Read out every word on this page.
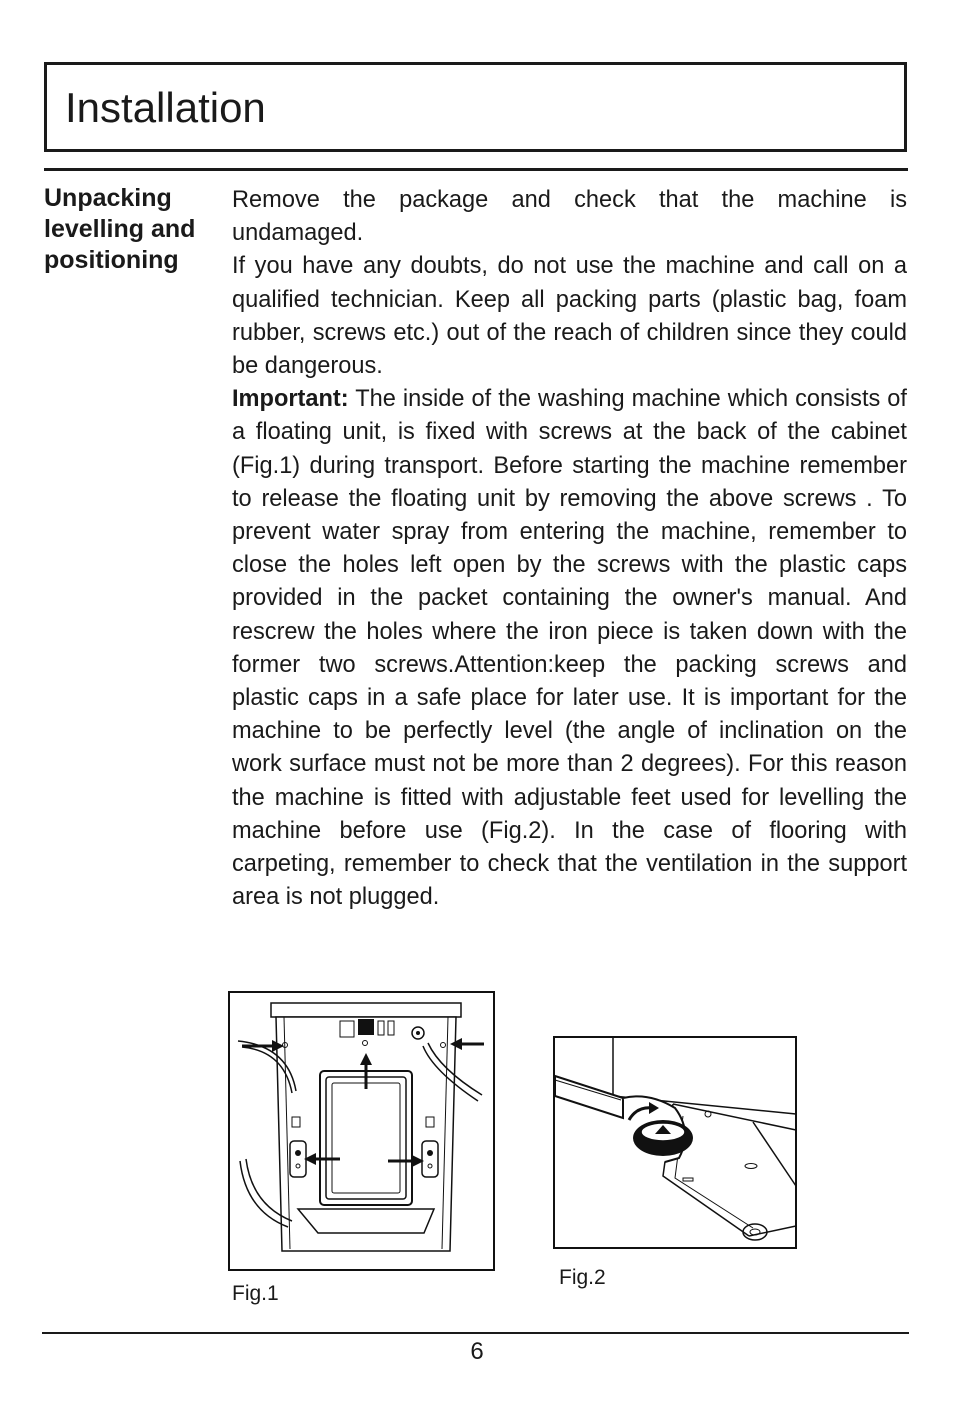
Installation
Unpacking
levelling and
positioning

Remove the package and check that the machine is undamaged.

If you have any doubts, do not use the machine and call on a qualified technician. Keep all packing parts (plastic bag, foam rubber, screws etc.) out of the reach of children since they could be dangerous.

Important: The inside of the washing machine which consists of a floating unit, is fixed with screws at the back of the cabinet (Fig.1) during transport. Before starting the machine remember to release the floating unit by removing the above screws . To prevent water spray from entering the machine, remember to close the holes left open by the screws with the plastic caps provided in the packet containing the owner's manual. And rescrew the holes where the iron piece is taken down with the former two screws.Attention:keep the packing screws and plastic caps in a safe place for later use. It is important for the machine to be perfectly level (the angle of inclination on the work surface must not be more than 2 degrees). For this reason the machine is fitted with adjustable feet used for levelling the machine before use (Fig.2). In the case of flooring with carpeting, remember to check that the ventilation in the support area is not plugged.

Fig.1
Fig.2
6
